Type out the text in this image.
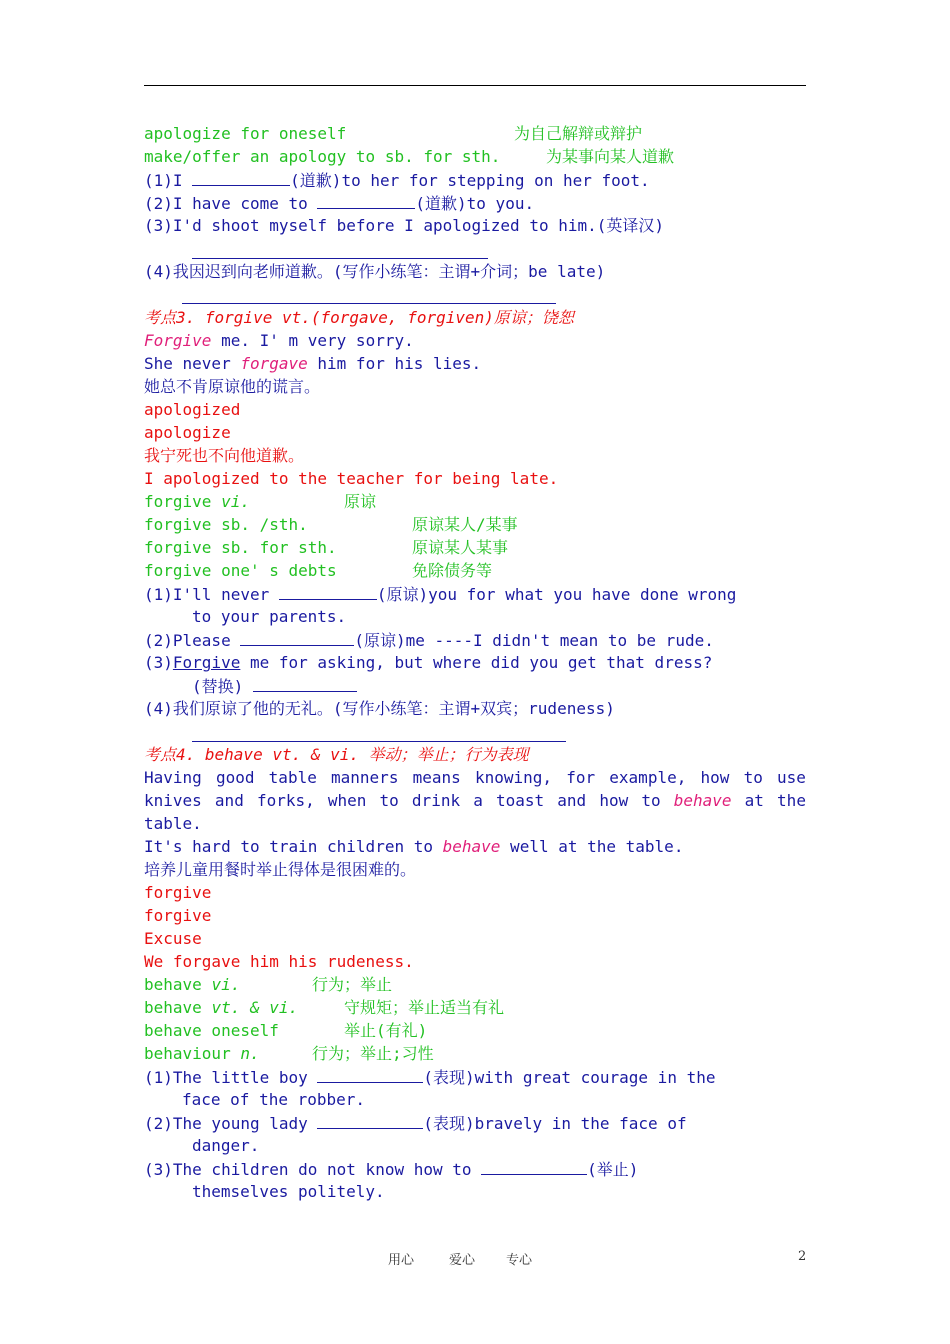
apologize for oneself	为自己解辩或辩护
make/offer an apology to sb. for sth.	为某事向某人道歉
(1)I	(道歉)to her for stepping on her foot.
(2)I have come to	(道歉)to you.
(3)I'd shoot myself before I apologized to him.(英译汉)
(4)我因迟到向老师道歉。(写作小练笔：主谓+介词；be late)
考点3. forgive vt.(forgave, forgiven)原谅；饶恕
Forgive me. I' m very sorry.
She never forgave him for his lies.
她总不肯原谅他的谎言。
apologized
apologize
我宁死也不向他道歉。
I apologized to the teacher for being late.
forgive vi.	原谅
forgive sb. /sth.	原谅某人/某事
forgive sb. for sth.	原谅某人某事
forgive one' s debts	免除债务等
(1)I'll never	(原谅)you for what you have done wrong
to your parents.
(2)Please	(原谅)me ----I didn't mean to be rude.
(3)Forgive me for asking, but where did you get that dress?
(替换)
(4)我们原谅了他的无礼。(写作小练笔：主谓+双宾；rudeness)
考点4. behave vt. & vi. 举动；举止；行为表现
Having good table manners means knowing, for example, how to use
knives and forks, when to drink a toast and how to behave at the
table.
It's hard to train children to behave well at the table.
培养儿童用餐时举止得体是很困难的。
forgive
forgive
Excuse
We forgave him his rudeness.
behave vi.	行为；举止
behave vt. & vi.	守规矩；举止适当有礼
behave oneself	举止(有礼)
behaviour n.	行为；举止;习性
(1)The little boy	(表现)with great courage in the
face of the robber.
(2)The young lady	(表现)bravely in the face of
danger.
(3)The children do not know how to	(举止)
themselves politely.
用心	爱心 专心	2
